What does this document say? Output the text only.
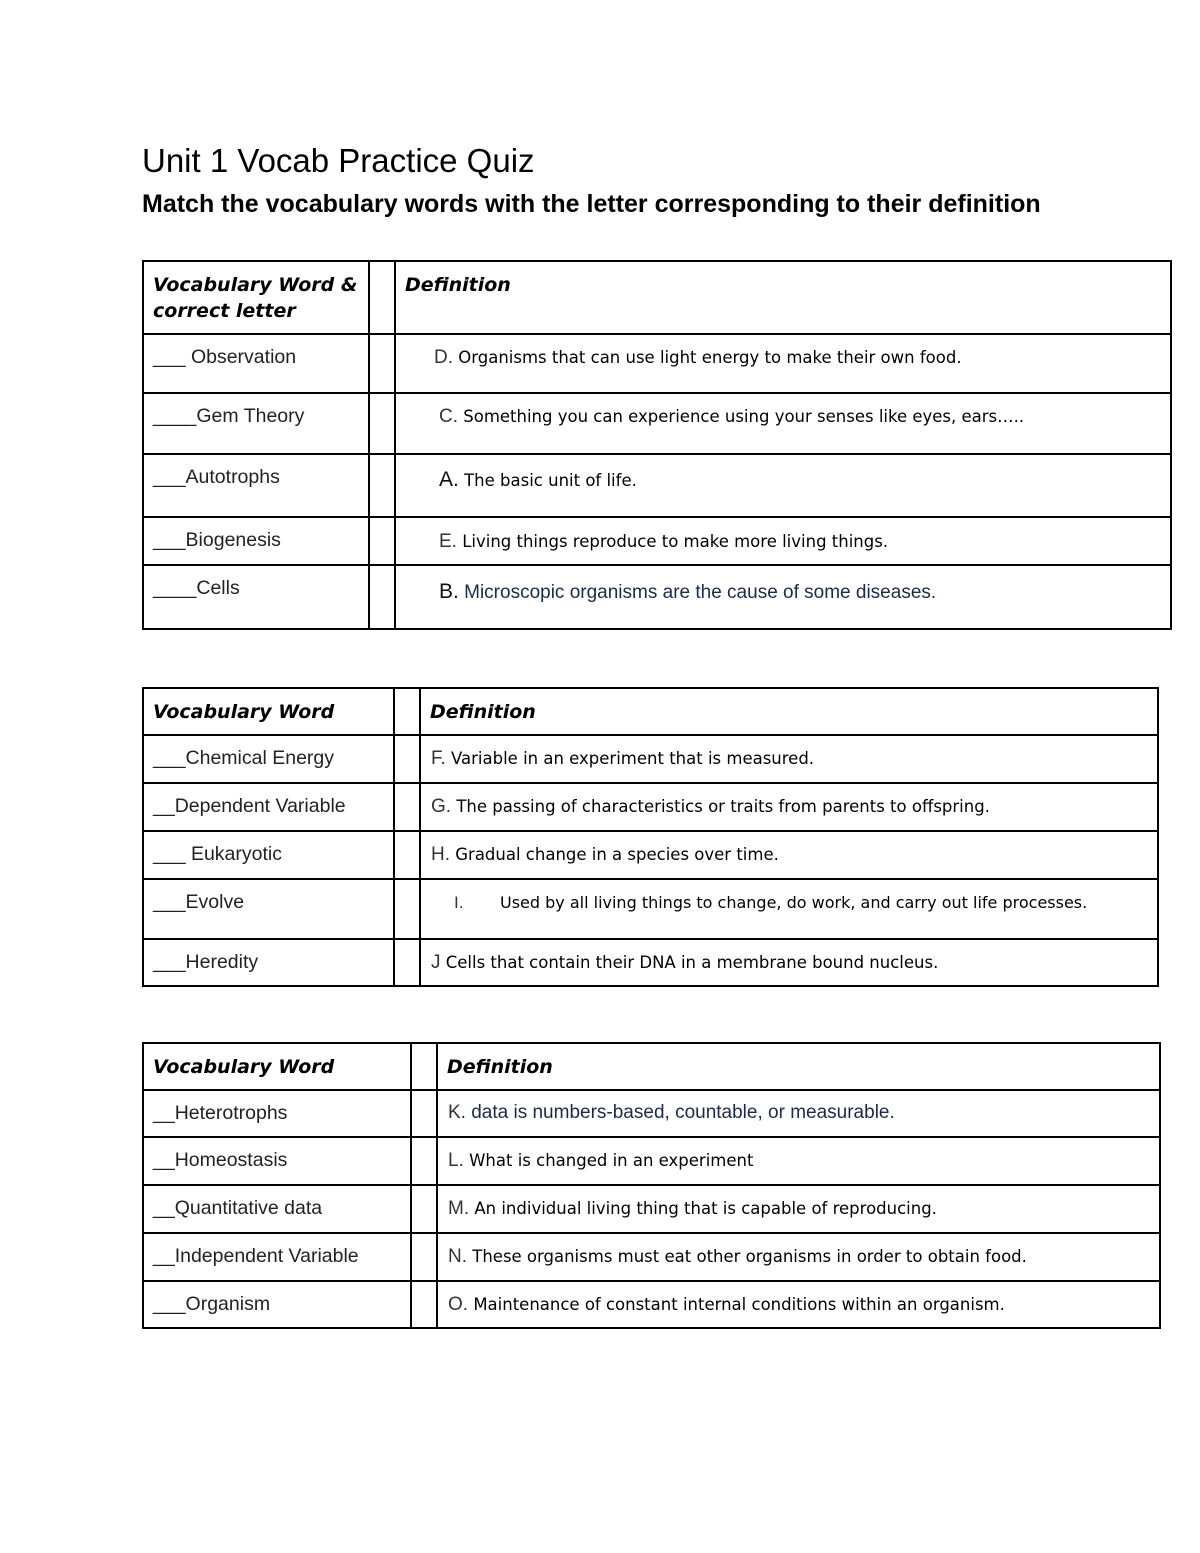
Unit 1 Vocab Practice Quiz

Match the vocabulary words with the letter corresponding to their definition

Vocabulary Word & correct letter		Definition

___ Observation		D. Organisms that can use light energy to make their own food.

____Gem Theory		C. Something you can experience using your senses like eyes, ears…..

___Autotrophs		A. The basic unit of life.

___Biogenesis		E. Living things reproduce to make more living things.

____Cells		B. Microscopic organisms are the cause of some diseases.
Vocabulary Word		Definition

___Chemical Energy		F. Variable in an experiment that is measured.

__Dependent Variable		G. The passing of characteristics or traits from parents to offspring.

___ Eukaryotic		H. Gradual change in a species over time.

___Evolve		I. Used by all living things to change, do work, and carry out life processes.

___Heredity		J Cells that contain their DNA in a membrane bound nucleus.
Vocabulary Word		Definition

__Heterotrophs		K. data is numbers-based, countable, or measurable.

__Homeostasis		L. What is changed in an experiment

__Quantitative data		M. An individual living thing that is capable of reproducing.

__Independent Variable		N. These organisms must eat other organisms in order to obtain food.

___Organism		O. Maintenance of constant internal conditions within an organism.
